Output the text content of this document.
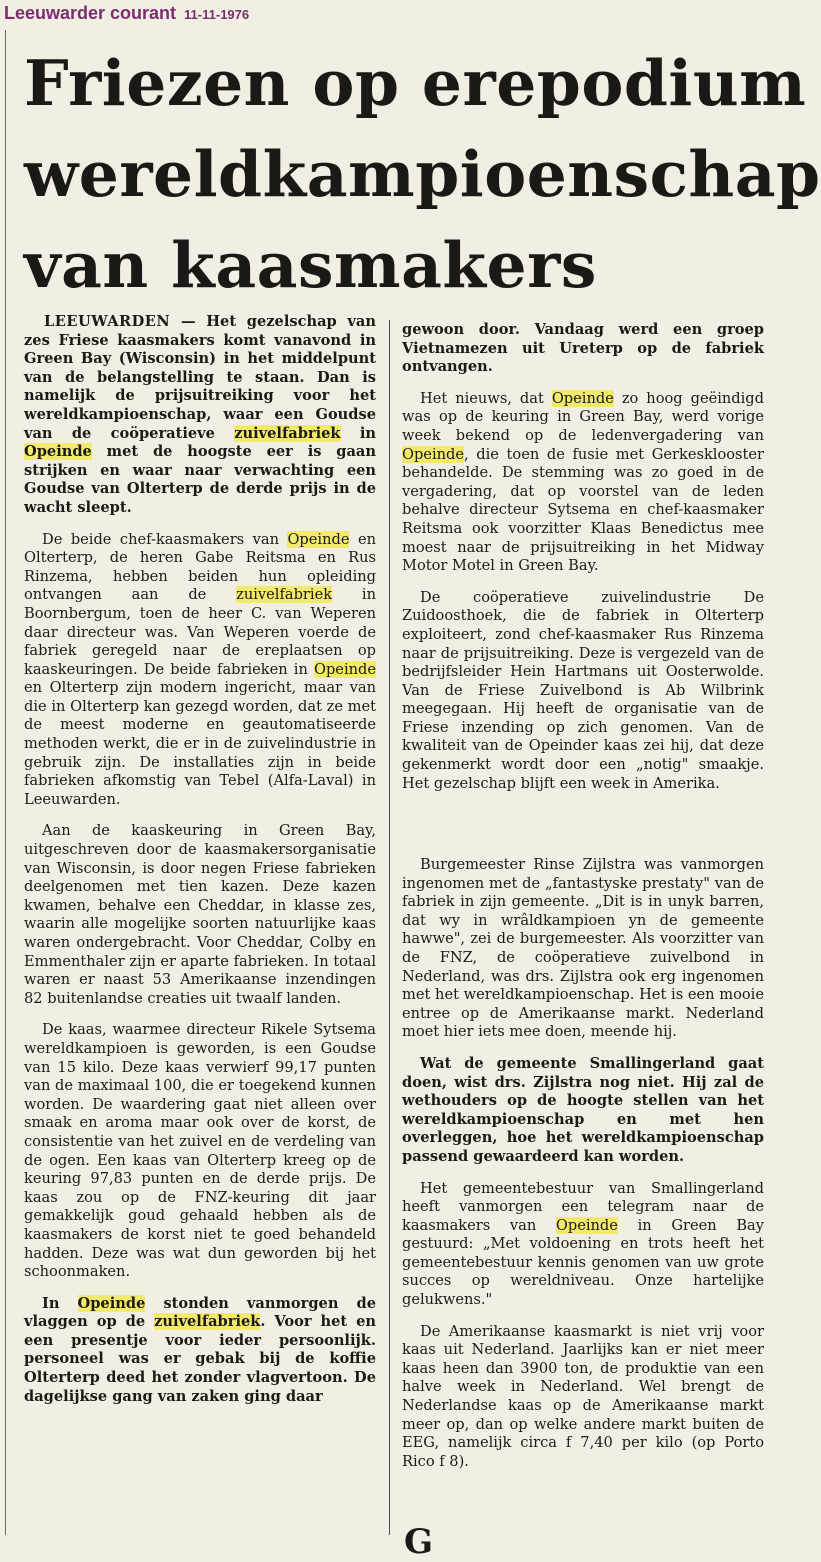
Leeuwarder courant 11-11-1976
Friezen op erepodium
wereldkampioenschap
van kaasmakers

LEEUWARDEN — Het gezelschap van zes Friese kaasmakers komt vanavond in Green Bay (Wisconsin) in het middelpunt van de belangstelling te staan. Dan is namelijk de prijsuitreiking voor het wereldkampioenschap, waar een Goudse van de coöperatieve zuivelfabriek in Opeinde met de hoogste eer is gaan strijken en waar naar verwachting een Goudse van Olterterp de derde prijs in de wacht sleept.

De beide chef-kaasmakers van Opeinde en Olterterp, de heren Gabe Reitsma en Rus Rinzema, hebben beiden hun opleiding ontvangen aan de zuivelfabriek in Boornbergum, toen de heer C. van Weperen daar directeur was. Van Weperen voerde de fabriek geregeld naar de ereplaatsen op kaaskeuringen. De beide fabrieken in Opeinde en Olterterp zijn modern ingericht, maar van die in Olterterp kan gezegd worden, dat ze met de meest moderne en geautomatiseerde methoden werkt, die er in de zuivelindustrie in gebruik zijn. De installaties zijn in beide fabrieken afkomstig van Tebel (Alfa-Laval) in Leeuwarden.

Aan de kaaskeuring in Green Bay, uitgeschreven door de kaasmakersorganisatie van Wisconsin, is door negen Friese fabrieken deelgenomen met tien kazen. Deze kazen kwamen, behalve een Cheddar, in klasse zes, waarin alle mogelijke soorten natuurlijke kaas waren ondergebracht. Voor Cheddar, Colby en Emmenthaler zijn er aparte fabrieken. In totaal waren er naast 53 Amerikaanse inzendingen 82 buitenlandse creaties uit twaalf landen.

De kaas, waarmee directeur Rikele Sytsema wereldkampioen is geworden, is een Goudse van 15 kilo. Deze kaas verwierf 99,17 punten van de maximaal 100, die er toegekend kunnen worden. De waardering gaat niet alleen over smaak en aroma maar ook over de korst, de consistentie van het zuivel en de verdeling van de ogen. Een kaas van Olterterp kreeg op de keuring 97,83 punten en de derde prijs. De kaas zou op de FNZ-keuring dit jaar gemakkelijk goud gehaald hebben als de kaasmakers de korst niet te goed behandeld hadden. Deze was wat dun geworden bij het schoonmaken.

In Opeinde stonden vanmorgen de vlaggen op de zuivelfabriek. Voor het en een presentje voor ieder persoonlijk. personeel was er gebak bij de koffie Olterterp deed het zonder vlagvertoon. De dagelijkse gang van zaken ging daar

gewoon door. Vandaag werd een groep Vietnamezen uit Ureterp op de fabriek ontvangen.

Het nieuws, dat Opeinde zo hoog geëindigd was op de keuring in Green Bay, werd vorige week bekend op de ledenvergadering van Opeinde, die toen de fusie met Gerkesklooster behandelde. De stemming was zo goed in de vergadering, dat op voorstel van de leden behalve directeur Sytsema en chef-kaasmaker Reitsma ook voorzitter Klaas Benedictus mee moest naar de prijsuitreiking in het Midway Motor Motel in Green Bay.

De coöperatieve zuivelindustrie De Zuidoosthoek, die de fabriek in Olterterp exploiteert, zond chef-kaasmaker Rus Rinzema naar de prijsuitreiking. Deze is vergezeld van de bedrijfsleider Hein Hartmans uit Oosterwolde. Van de Friese Zuivelbond is Ab Wilbrink meegegaan. Hij heeft de organisatie van de Friese inzending op zich genomen. Van de kwaliteit van de Opeinder kaas zei hij, dat deze gekenmerkt wordt door een „notig" smaakje. Het gezelschap blijft een week in Amerika.

Burgemeester Rinse Zijlstra was vanmorgen ingenomen met de „fantastyske prestaty" van de fabriek in zijn gemeente. „Dit is in unyk barren, dat wy in wrâldkampioen yn de gemeente hawwe", zei de burgemeester. Als voorzitter van de FNZ, de coöperatieve zuivelbond in Nederland, was drs. Zijlstra ook erg ingenomen met het wereldkampioenschap. Het is een mooie entree op de Amerikaanse markt. Nederland moet hier iets mee doen, meende hij.

Wat de gemeente Smallingerland gaat doen, wist drs. Zijlstra nog niet. Hij zal de wethouders op de hoogte stellen van het wereldkampioenschap en met hen overleggen, hoe het wereldkampioenschap passend gewaardeerd kan worden.

Het gemeentebestuur van Smallingerland heeft vanmorgen een telegram naar de kaasmakers van Opeinde in Green Bay gestuurd: „Met voldoening en trots heeft het gemeentebestuur kennis genomen van uw grote succes op wereldniveau. Onze hartelijke gelukwens."

De Amerikaanse kaasmarkt is niet vrij voor kaas uit Nederland. Jaarlijks kan er niet meer kaas heen dan 3900 ton, de produktie van een halve week in Nederland. Wel brengt de Nederlandse kaas op de Amerikaanse markt meer op, dan op welke andere markt buiten de EEG, namelijk circa f 7,40 per kilo (op Porto Rico f 8).

G
